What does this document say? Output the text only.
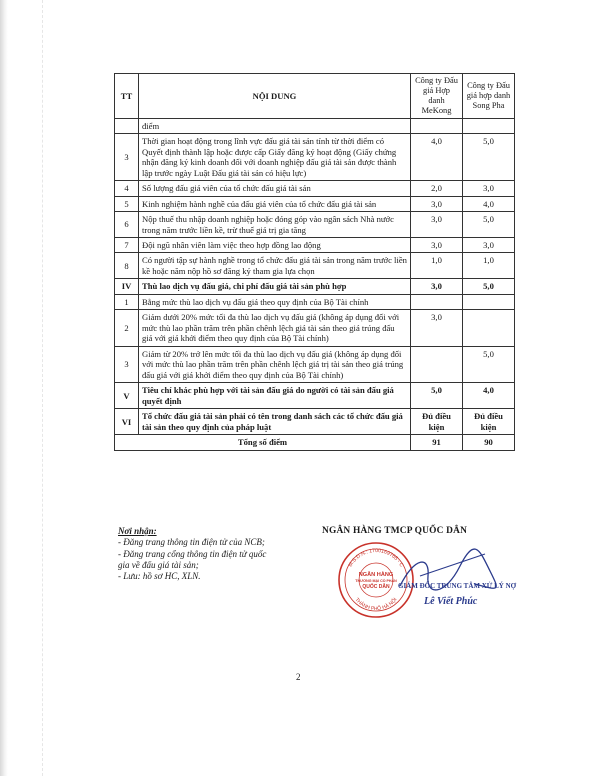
TT	NỘI DUNG	Công ty Đấu giá Hợp danh MeKong	Công ty Đấu giá hợp danh Song Pha
	điểm		
3	Thời gian hoạt động trong lĩnh vực đấu giá tài sản tính từ thời điểm có Quyết định thành lập hoặc được cấp Giấy đăng ký hoạt động (Giấy chứng nhận đăng ký kinh doanh đối với doanh nghiệp đấu giá tài sản được thành lập trước ngày Luật Đấu giá tài sản có hiệu lực)	4,0	5,0
4	Số lượng đấu giá viên của tổ chức đấu giá tài sản	2,0	3,0
5	Kinh nghiệm hành nghề của đấu giá viên của tổ chức đấu giá tài sản	3,0	4,0
6	Nộp thuế thu nhập doanh nghiệp hoặc đóng góp vào ngân sách Nhà nước trong năm trước liền kề, trừ thuế giá trị gia tăng	3,0	5,0
7	Đội ngũ nhân viên làm việc theo hợp đồng lao động	3,0	3,0
8	Có người tập sự hành nghề trong tổ chức đấu giá tài sản trong năm trước liền kề hoặc năm nộp hồ sơ đăng ký tham gia lựa chọn	1,0	1,0
IV	Thù lao dịch vụ đấu giá, chi phí đấu giá tài sản phù hợp	3,0	5,0
1	Bằng mức thù lao dịch vụ đấu giá theo quy định của Bộ Tài chính		
2	Giảm dưới 20% mức tối đa thù lao dịch vụ đấu giá (không áp dụng đối với mức thù lao phần trăm trên phần chênh lệch giá tài sản theo giá trúng đấu giá với giá khởi điểm theo quy định của Bộ Tài chính)	3,0	
3	Giảm từ 20% trở lên mức tối đa thù lao dịch vụ đấu giá (không áp dụng đối với mức thù lao phần trăm trên phần chênh lệch giá trị tài sản theo giá trúng đấu giá với giá khởi điểm theo quy định của Bộ Tài chính)		5,0
V	Tiêu chí khác phù hợp với tài sản đấu giá do người có tài sản đấu giá quyết định	5,0	4,0
VI	Tổ chức đấu giá tài sản phải có tên trong danh sách các tổ chức đấu giá tài sản theo quy định của pháp luật	Đủ điều kiện	Đủ điều kiện
Tổng số điểm		91	90
Nơi nhận:
- Đăng trang thông tin điện tử của NCB;
- Đăng trang cổng thông tin điện tử quốc gia về đấu giá tài sản;
- Lưu: hồ sơ HC, XLN.
NGÂN HÀNG TMCP QUỐC DÂN
M.S.D.N.: 1700169765 - C
THÀNH PHỐ HÀ NỘI
NGÂN HÀNG
THƯƠNG MẠI CỔ PHẦN
QUỐC DÂN GIÁM ĐỐC TRUNG TÂM XỬ LÝ NỢ
Lê Viết Phúc
2
